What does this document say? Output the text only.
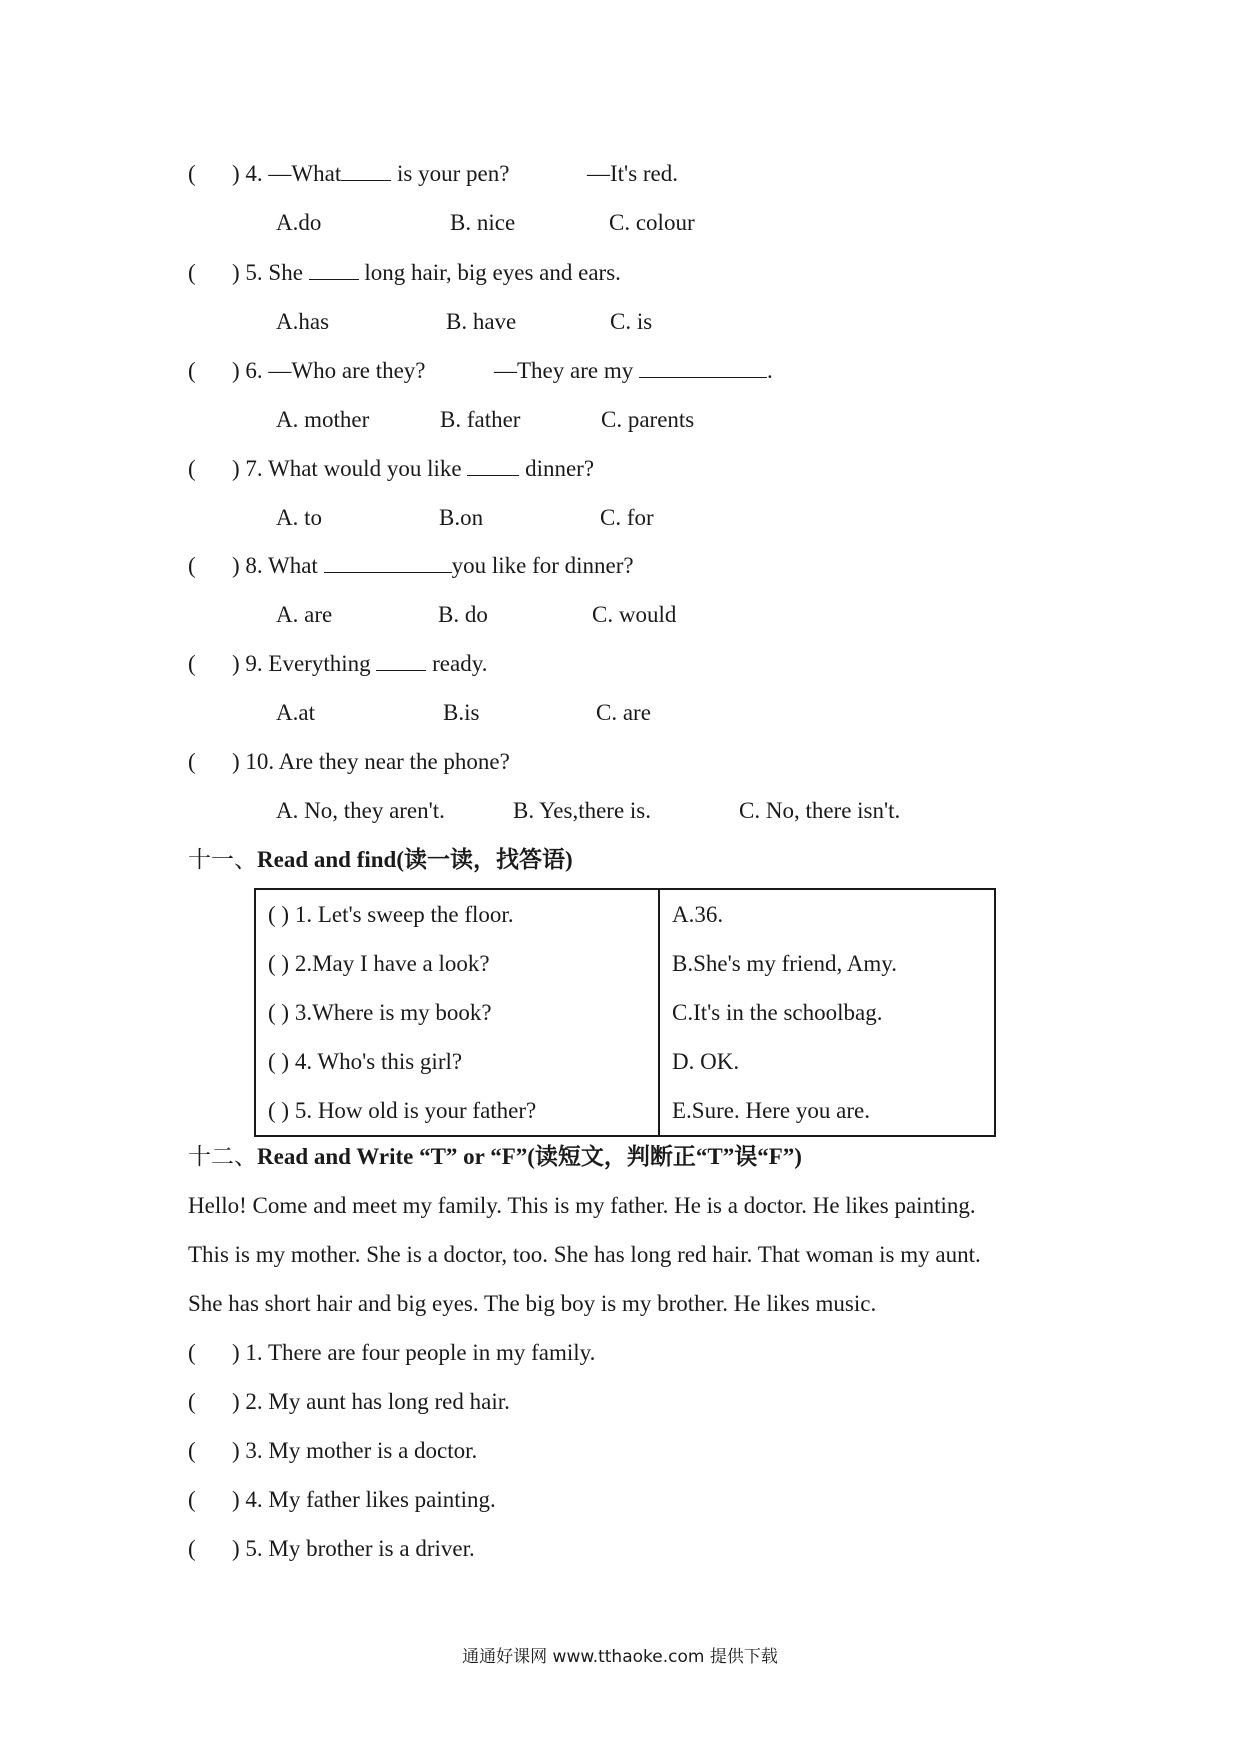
( ) 4. —What is your pen?	—It's red.
A.do	B. nice	C. colour
( ) 5. She  long hair, big eyes and ears.
A.has	B. have	C. is
( ) 6. —Who are they?	—They are my	.
A. mother	B. father	C. parents
( ) 7. What would you like  dinner?
A. to	B.on	C. for
( ) 8. What	you like for dinner?
A. are	B. do	C. would
( ) 9. Everything  ready.
A.at	B.is	C. are
( ) 10. Are they near the phone?
A. No, they aren't.	B. Yes,there is.	C. No, there isn't.
十一、Read and find(读一读，找答语)
( ) 1. Let's sweep the floor.	A.36.
( ) 2.May I have a look?	B.She's my friend, Amy.
( ) 3.Where is my book?	C.It's in the schoolbag.
( ) 4. Who's this girl?	D. OK.
( ) 5. How old is your father?	E.Sure. Here you are.
十二、Read and Write “T” or “F”(读短文，判断正“T”误“F”)
Hello! Come and meet my family. This is my father. He is a doctor. He likes painting.
This is my mother. She is a doctor, too. She has long red hair. That woman is my aunt.
She has short hair and big eyes. The big boy is my brother. He likes music.
( ) 1. There are four people in my family.
( ) 2. My aunt has long red hair.
( ) 3. My mother is a doctor.
( ) 4. My father likes painting.
( ) 5. My brother is a driver.
通通好课网 www.tthaoke.com 提供下载
